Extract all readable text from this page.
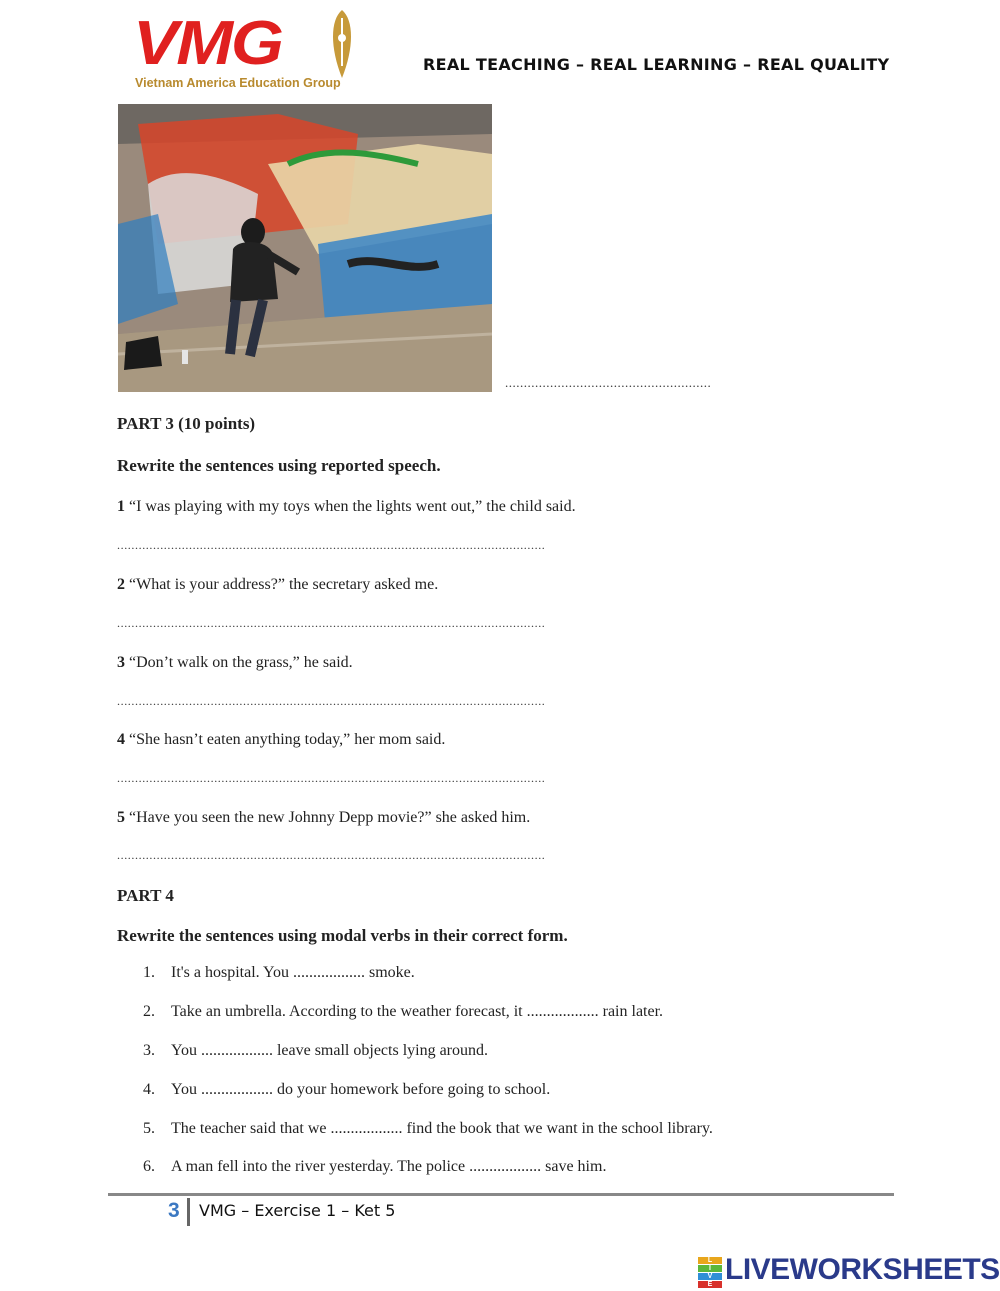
VMG
Vietnam America Education Group
REAL TEACHING – REAL LEARNING – REAL QUALITY
.......................................................
PART 3 (10 points)
Rewrite the sentences using reported speech.
1 “I was playing with my toys when the lights went out,” the child said.
.......................................................................................................................
2 “What is your address?” the secretary asked me.
.......................................................................................................................
3 “Don’t walk on the grass,” he said.
.......................................................................................................................
4 “She hasn’t eaten anything today,” her mom said.
.......................................................................................................................
5 “Have you seen the new Johnny Depp movie?” she asked him.
.......................................................................................................................
PART 4
Rewrite the sentences using modal verbs in their correct form.
1. It's a hospital. You .................. smoke.
2. Take an umbrella. According to the weather forecast, it .................. rain later.
3. You .................. leave small objects lying around.
4. You .................. do your homework before going to school.
5. The teacher said that we .................. find the book that we want in the school library.
6. A man fell into the river yesterday. The police .................. save him.
3 VMG – Exercise 1 – Ket 5
L
I
V
E LIVEWORKSHEETS
